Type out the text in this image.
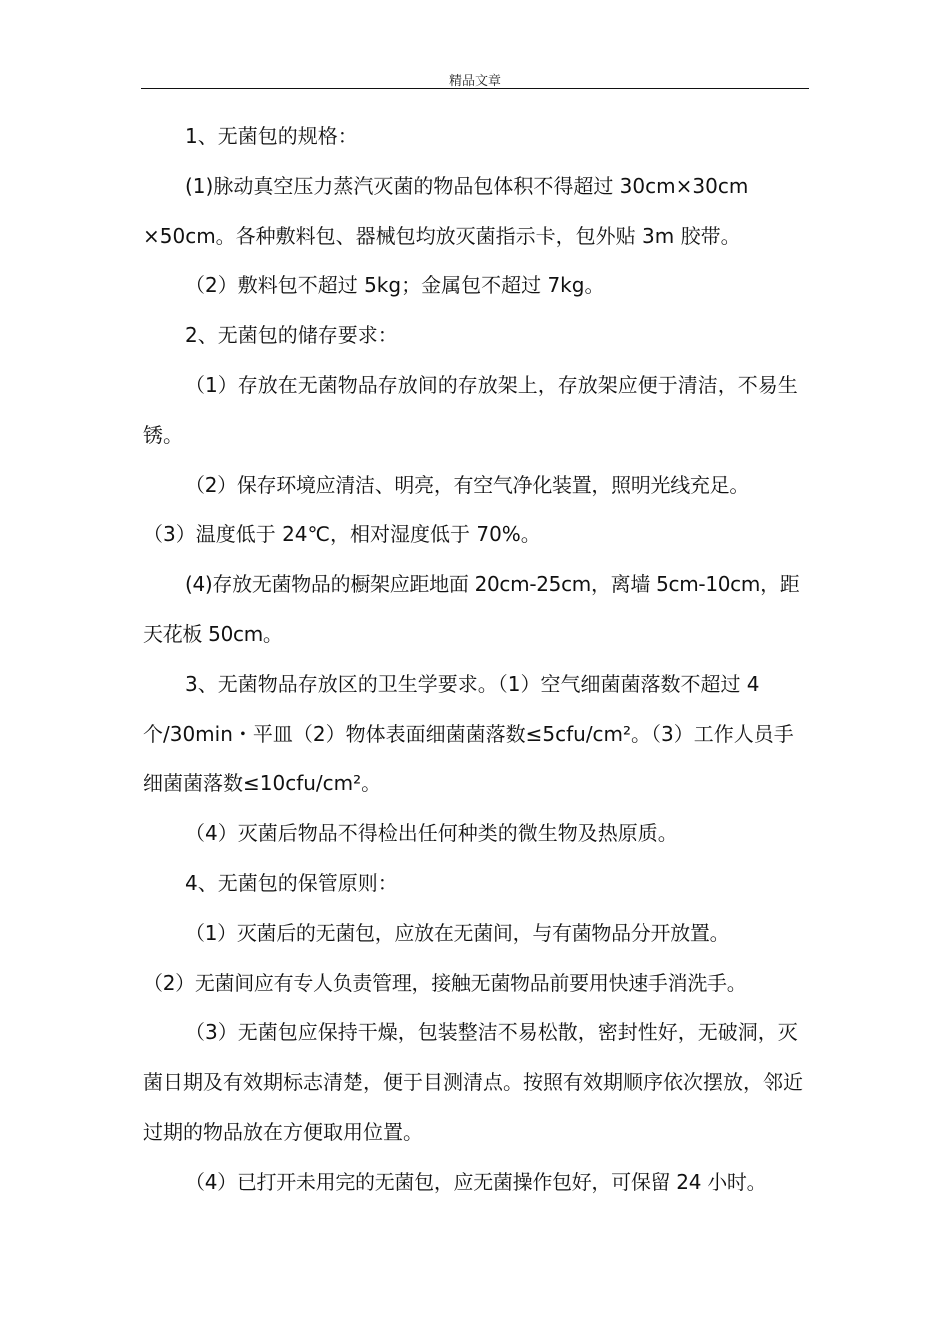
精品文章

1、无菌包的规格：

(1)脉动真空压力蒸汽灭菌的物品包体积不得超过 30cm×30cm ×50cm。各种敷料包、器械包均放灭菌指示卡，包外贴 3m 胶带。

（2）敷料包不超过 5kg；金属包不超过 7kg。

2、无菌包的储存要求：

（1）存放在无菌物品存放间的存放架上，存放架应便于清洁，不易生锈。

（2）保存环境应清洁、明亮，有空气净化装置，照明光线充足。

（3）温度低于 24℃，相对湿度低于 70%。

(4)存放无菌物品的橱架应距地面 20cm-25cm，离墙 5cm-10cm，距天花板 50cm。

3、无菌物品存放区的卫生学要求。（1）空气细菌菌落数不超过 4 个/30min・平皿（2）物体表面细菌菌落数≤5cfu/cm²。（3）工作人员手细菌菌落数≤10cfu/cm²。

（4）灭菌后物品不得检出任何种类的微生物及热原质。

4、无菌包的保管原则：

（1）灭菌后的无菌包，应放在无菌间，与有菌物品分开放置。

（2）无菌间应有专人负责管理，接触无菌物品前要用快速手消洗手。

（3）无菌包应保持干燥，包装整洁不易松散，密封性好，无破洞，灭菌日期及有效期标志清楚，便于目测清点。按照有效期顺序依次摆放，邻近过期的物品放在方便取用位置。

（4）已打开未用完的无菌包，应无菌操作包好，可保留 24 小时。
